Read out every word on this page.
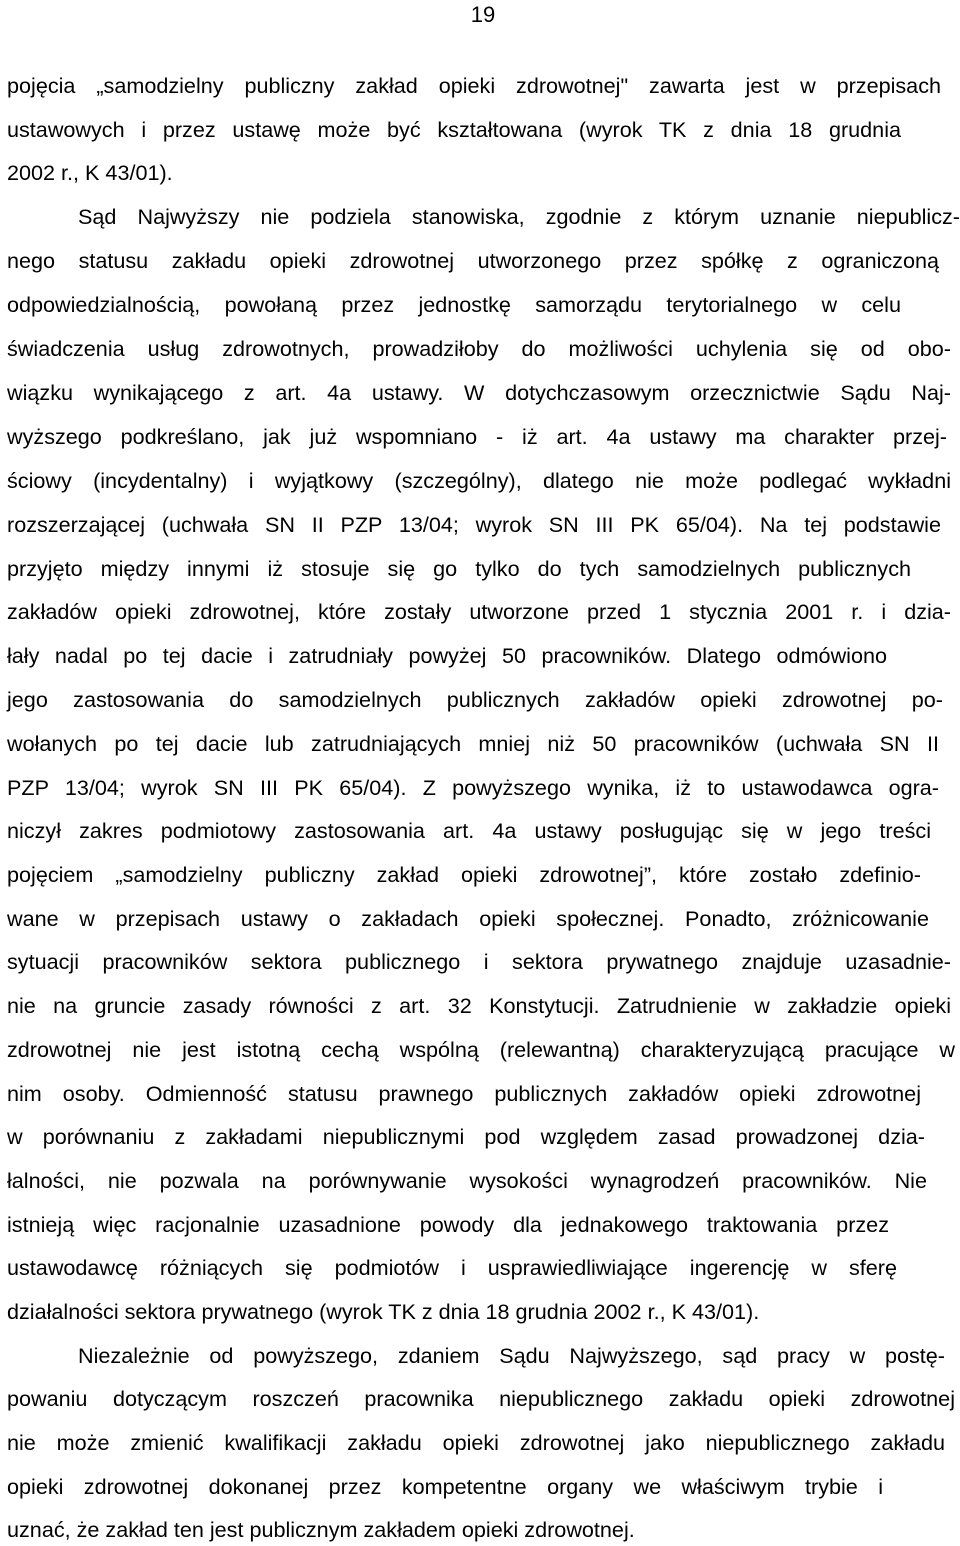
19
pojęcia „samodzielny publiczny zakład opieki zdrowotnej" zawarta jest w przepisach
ustawowych i przez ustawę może być kształtowana (wyrok TK z dnia 18 grudnia
2002 r., K 43/01).
Sąd Najwyższy nie podziela stanowiska, zgodnie z którym uznanie niepublicz-
nego statusu zakładu opieki zdrowotnej utworzonego przez spółkę z ograniczoną
odpowiedzialnością, powołaną przez jednostkę samorządu terytorialnego w celu
świadczenia usług zdrowotnych, prowadziłoby do możliwości uchylenia się od obo-
wiązku wynikającego z art. 4a ustawy. W dotychczasowym orzecznictwie Sądu Naj-
wyższego podkreślano, jak już wspomniano - iż art. 4a ustawy ma charakter przej-
ściowy (incydentalny) i wyjątkowy (szczególny), dlatego nie może podlegać wykładni
rozszerzającej (uchwała SN II PZP 13/04; wyrok SN III PK 65/04). Na tej podstawie
przyjęto między innymi iż stosuje się go tylko do tych samodzielnych publicznych
zakładów opieki zdrowotnej, które zostały utworzone przed 1 stycznia 2001 r. i dzia-
łały nadal po tej dacie i zatrudniały powyżej 50 pracowników. Dlatego odmówiono
jego zastosowania do samodzielnych publicznych zakładów opieki zdrowotnej po-
wołanych po tej dacie lub zatrudniających mniej niż 50 pracowników (uchwała SN II
PZP 13/04; wyrok SN III PK 65/04). Z powyższego wynika, iż to ustawodawca ogra-
niczył zakres podmiotowy zastosowania art. 4a ustawy posługując się w jego treści
pojęciem „samodzielny publiczny zakład opieki zdrowotnej”, które zostało zdefinio-
wane w przepisach ustawy o zakładach opieki społecznej. Ponadto, zróżnicowanie
sytuacji pracowników sektora publicznego i sektora prywatnego znajduje uzasadnie-
nie na gruncie zasady równości z art. 32 Konstytucji. Zatrudnienie w zakładzie opieki
zdrowotnej nie jest istotną cechą wspólną (relewantną) charakteryzującą pracujące w
nim osoby. Odmienność statusu prawnego publicznych zakładów opieki zdrowotnej
w porównaniu z zakładami niepublicznymi pod względem zasad prowadzonej dzia-
łalności, nie pozwala na porównywanie wysokości wynagrodzeń pracowników. Nie
istnieją więc racjonalnie uzasadnione powody dla jednakowego traktowania przez
ustawodawcę różniących się podmiotów i usprawiedliwiające ingerencję w sferę
działalności sektora prywatnego (wyrok TK z dnia 18 grudnia 2002 r., K 43/01).
Niezależnie od powyższego, zdaniem Sądu Najwyższego, sąd pracy w postę-
powaniu dotyczącym roszczeń pracownika niepublicznego zakładu opieki zdrowotnej
nie może zmienić kwalifikacji zakładu opieki zdrowotnej jako niepublicznego zakładu
opieki zdrowotnej dokonanej przez kompetentne organy we właściwym trybie i
uznać, że zakład ten jest publicznym zakładem opieki zdrowotnej.
